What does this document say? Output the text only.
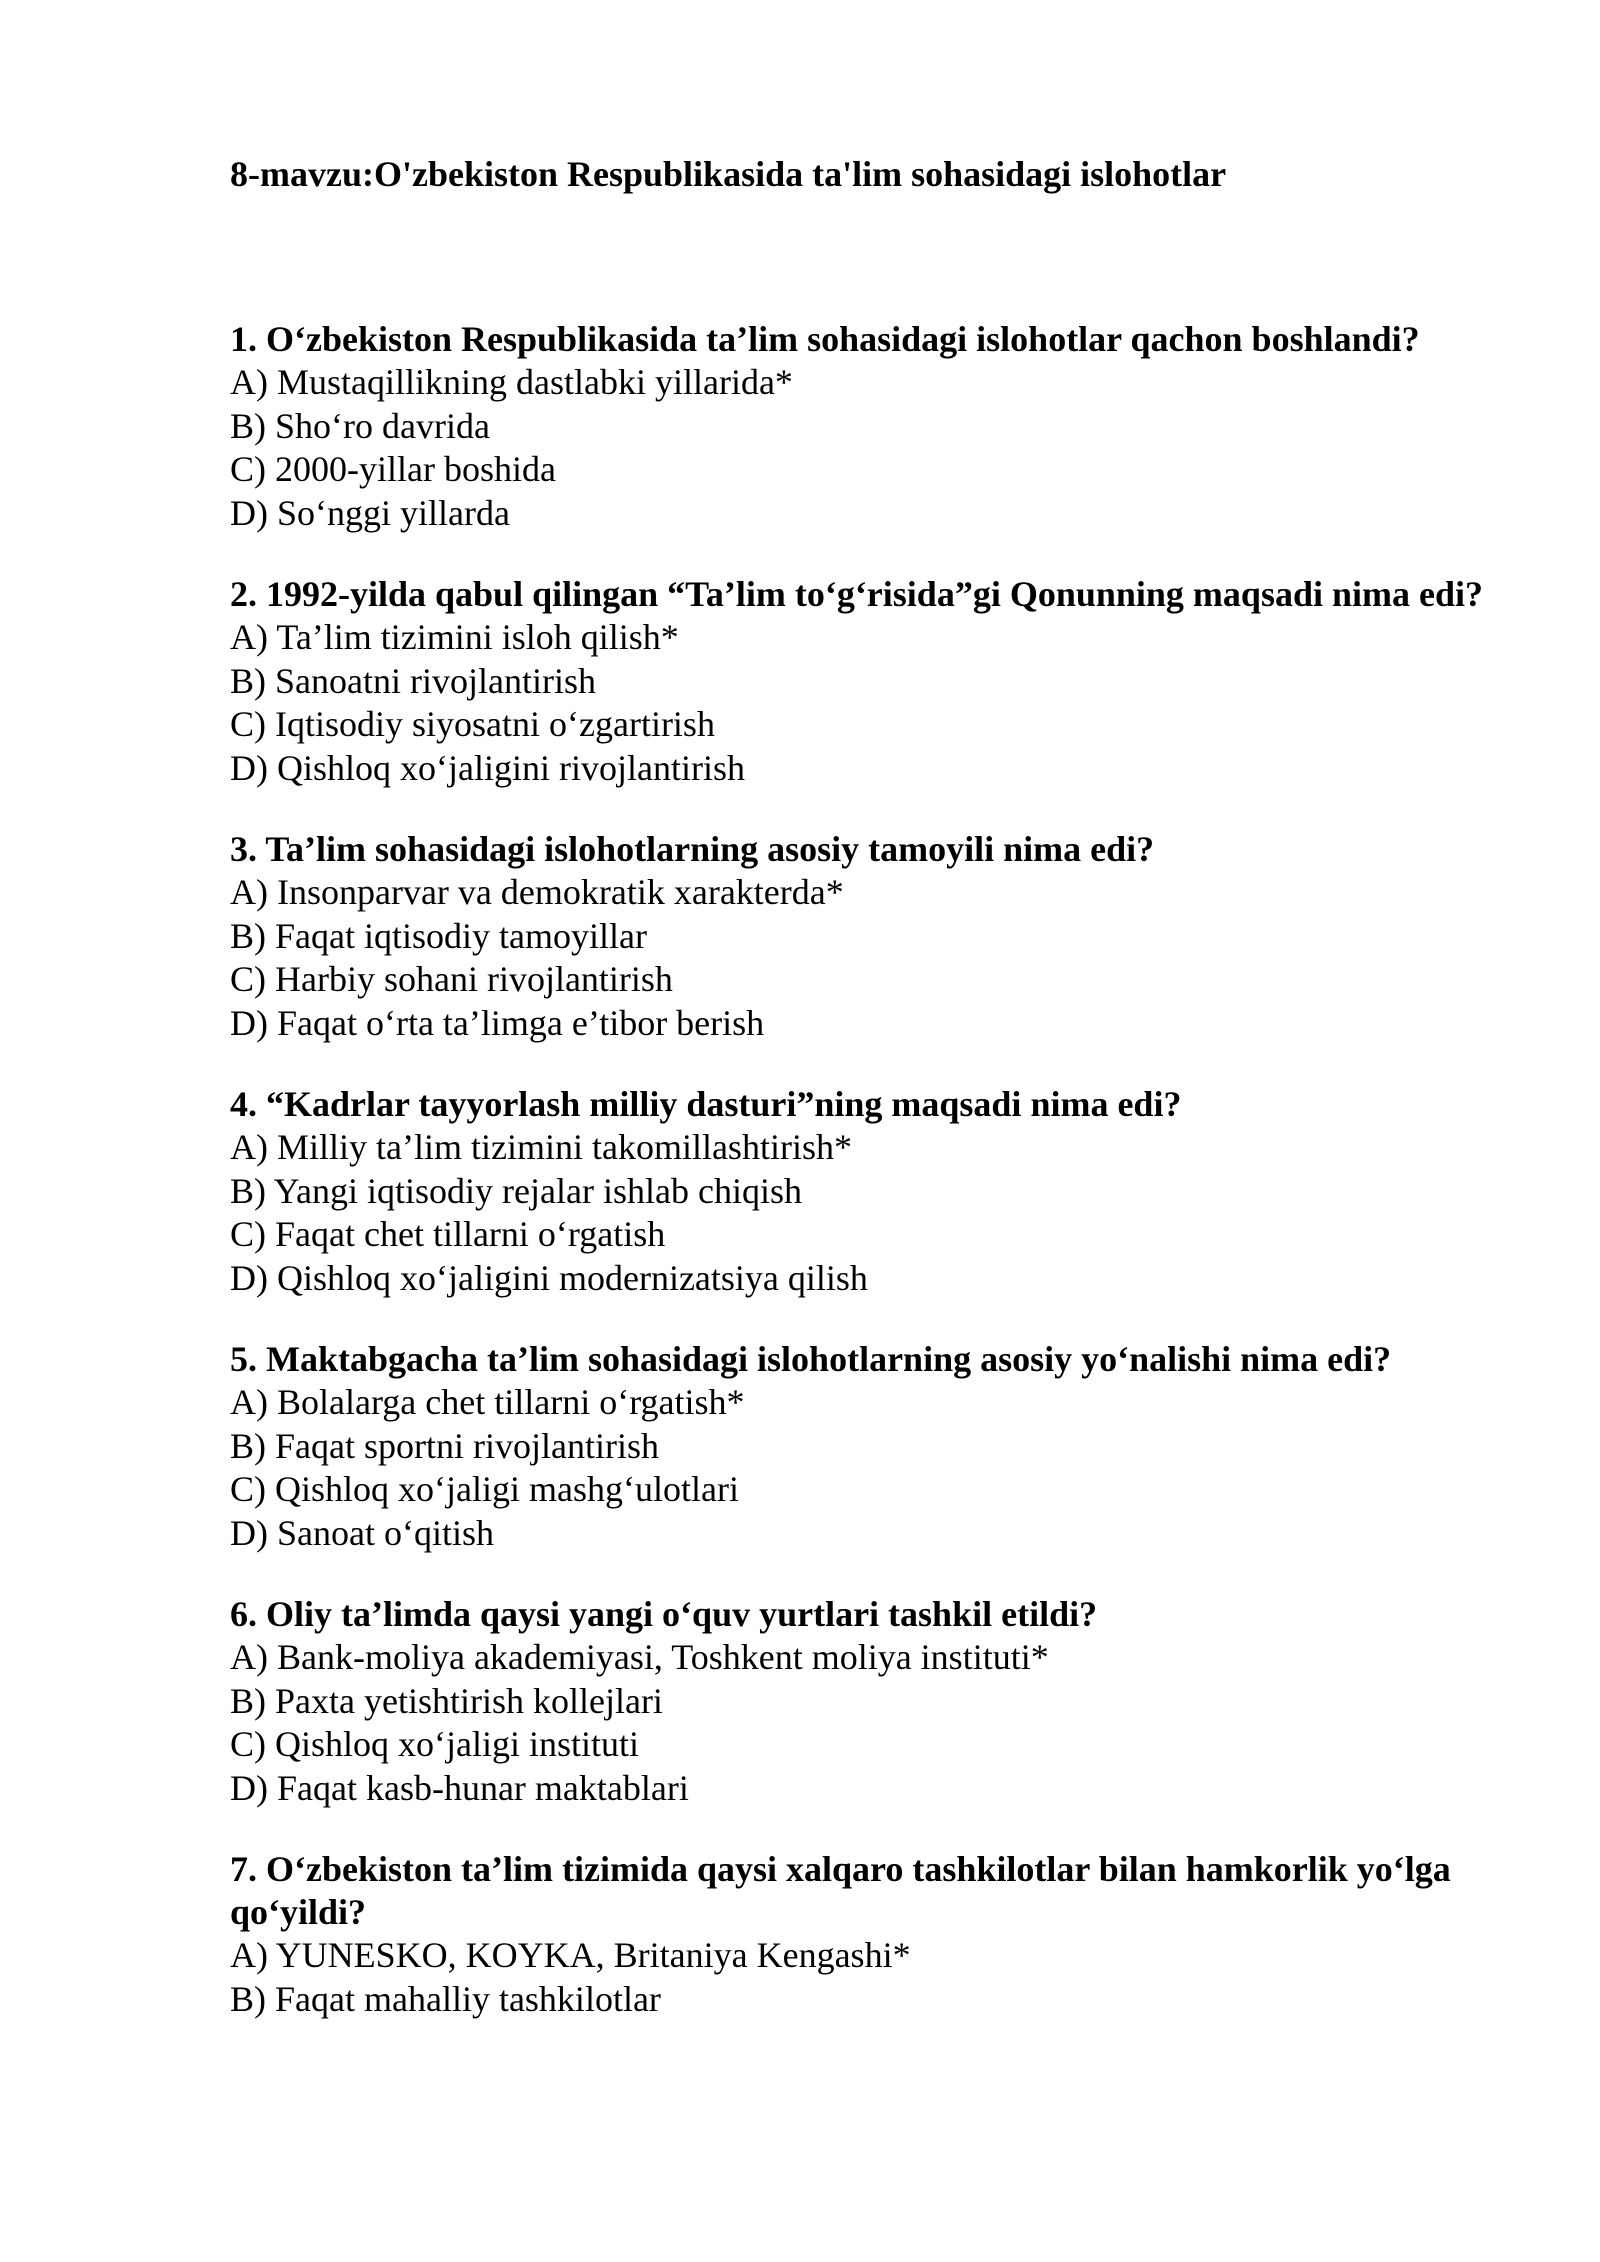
8-mavzu:O'zbekiston Respublikasida ta'lim sohasidagi islohotlar

1. O‘zbekiston Respublikasida ta’lim sohasidagi islohotlar qachon boshlandi?

A) Mustaqillikning dastlabki yillarida*

B) Sho‘ro davrida

C) 2000-yillar boshida

D) So‘nggi yillarda

2. 1992-yilda qabul qilingan “Ta’lim to‘g‘risida”gi Qonunning maqsadi nima edi?

A) Ta’lim tizimini isloh qilish*

B) Sanoatni rivojlantirish

C) Iqtisodiy siyosatni o‘zgartirish

D) Qishloq xo‘jaligini rivojlantirish

3. Ta’lim sohasidagi islohotlarning asosiy tamoyili nima edi?

A) Insonparvar va demokratik xarakterda*

B) Faqat iqtisodiy tamoyillar

C) Harbiy sohani rivojlantirish

D) Faqat o‘rta ta’limga e’tibor berish

4. “Kadrlar tayyorlash milliy dasturi”ning maqsadi nima edi?

A) Milliy ta’lim tizimini takomillashtirish*

B) Yangi iqtisodiy rejalar ishlab chiqish

C) Faqat chet tillarni o‘rgatish

D) Qishloq xo‘jaligini modernizatsiya qilish

5. Maktabgacha ta’lim sohasidagi islohotlarning asosiy yo‘nalishi nima edi?

A) Bolalarga chet tillarni o‘rgatish*

B) Faqat sportni rivojlantirish

C) Qishloq xo‘jaligi mashg‘ulotlari

D) Sanoat o‘qitish

6. Oliy ta’limda qaysi yangi o‘quv yurtlari tashkil etildi?

A) Bank-moliya akademiyasi, Toshkent moliya instituti*

B) Paxta yetishtirish kollejlari

C) Qishloq xo‘jaligi instituti

D) Faqat kasb-hunar maktablari

7. O‘zbekiston ta’lim tizimida qaysi xalqaro tashkilotlar bilan hamkorlik yo‘lga qo‘yildi?

A) YUNESKO, KOYKA, Britaniya Kengashi*

B) Faqat mahalliy tashkilotlar
